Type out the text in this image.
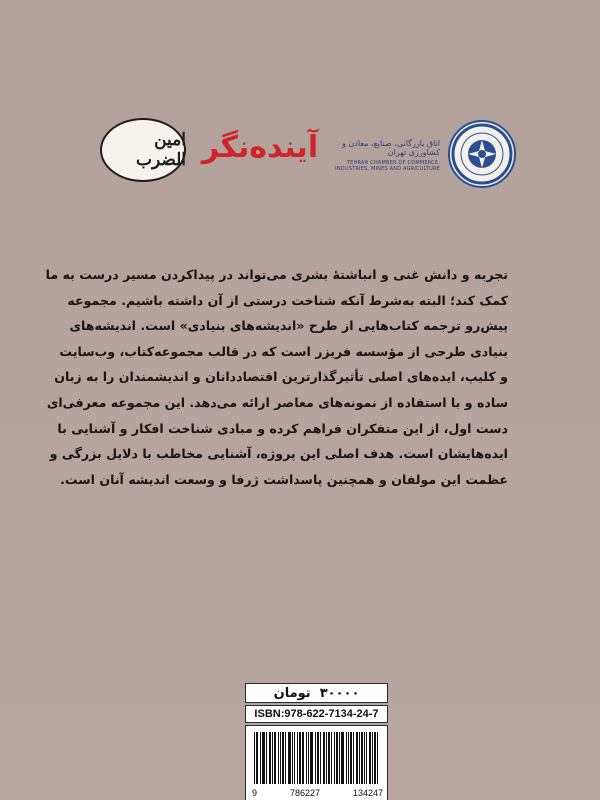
اتاق بازرگانی، صنایع، معادن و کشاورزی تهران
TEHRAN CHAMBER OF COMMERCE,
INDUSTRIES, MINES AND AGRICULTURE
آینده‌نگر
امین الضرب
تجربه و دانش غنی و انباشتهٔ بشری می‌تواند در پیداکردن مسیر درست به ما
کمک کند؛ البته به‌شرط آنکه شناخت درستی از آن داشته باشیم. مجموعه
پیش‌رو ترجمه کتاب‌هایی از طرح «اندیشه‌های بنیادی» است. اندیشه‌های
بنیادی طرحی از مؤسسه فریزر است که در قالب مجموعه‌کتاب، وب‌سایت
و کلیپ، ایده‌های اصلی تأثیرگذارترین اقتصاددانان و اندیشمندان را به زبان
ساده و با استفاده از نمونه‌های معاصر ارائه می‌دهد. این مجموعه معرفی‌ای
دست اول، از این متفکران فراهم کرده و مبادی شناخت افکار و آشنایی با
ایده‌هایشان است. هدف اصلی این پروژه، آشنایی مخاطب با دلایل بزرگی و
عظمت این مولفان و همچنین پاسداشت ژرفا و وسعت اندیشه آنان است.
۳۰۰۰۰

تومان
ISBN:978-622-7134-24-7
9	786227	134247
